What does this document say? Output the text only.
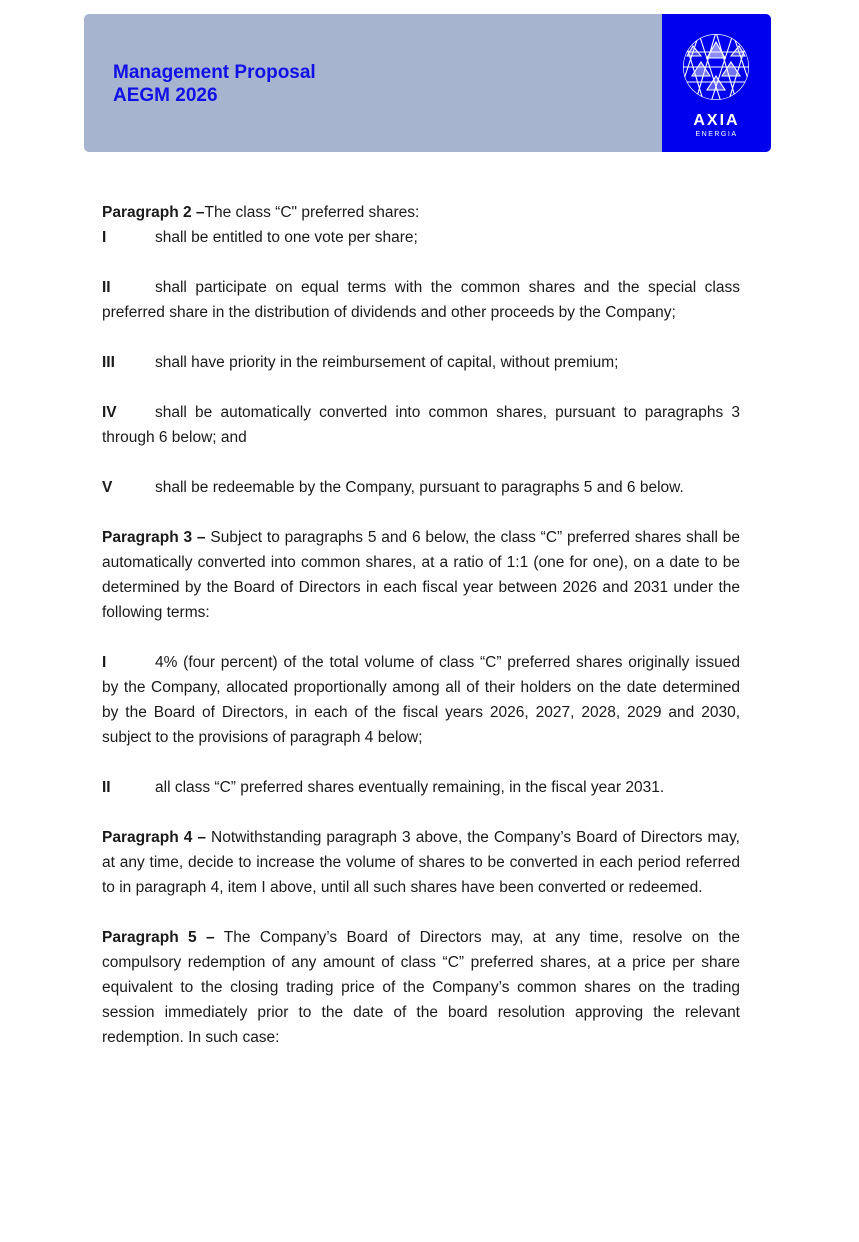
Management Proposal
AEGM 2026
AXIA
ENERGIA

Paragraph 2 –The class “C" preferred shares:

I	shall be entitled to one vote per share;

II	shall participate on equal terms with the common shares and the special class preferred share in the distribution of dividends and other proceeds by the Company;

III	shall have priority in the reimbursement of capital, without premium;

IV shall be automatically converted into common shares, pursuant to paragraphs 3 through 6 below; and

V	shall be redeemable by the Company, pursuant to paragraphs 5 and 6 below.

Paragraph 3 – Subject to paragraphs 5 and 6 below, the class “C” preferred shares shall be automatically converted into common shares, at a ratio of 1:1 (one for one), on a date to be determined by the Board of Directors in each fiscal year between 2026 and 2031 under the following terms:

I	4% (four percent) of the total volume of class “C” preferred shares originally issued by the Company, allocated proportionally among all of their holders on the date determined by the Board of Directors, in each of the fiscal years 2026, 2027, 2028, 2029 and 2030, subject to the provisions of paragraph 4 below;

II	all class “C” preferred shares eventually remaining, in the fiscal year 2031.

Paragraph 4 – Notwithstanding paragraph 3 above, the Company’s Board of Directors may, at any time, decide to increase the volume of shares to be converted in each period referred to in paragraph 4, item I above, until all such shares have been converted or redeemed.

Paragraph 5 – The Company’s Board of Directors may, at any time, resolve on the compulsory redemption of any amount of class “C” preferred shares, at a price per share equivalent to the closing trading price of the Company’s common shares on the trading session immediately prior to the date of the board resolution approving the relevant redemption. In such case:
